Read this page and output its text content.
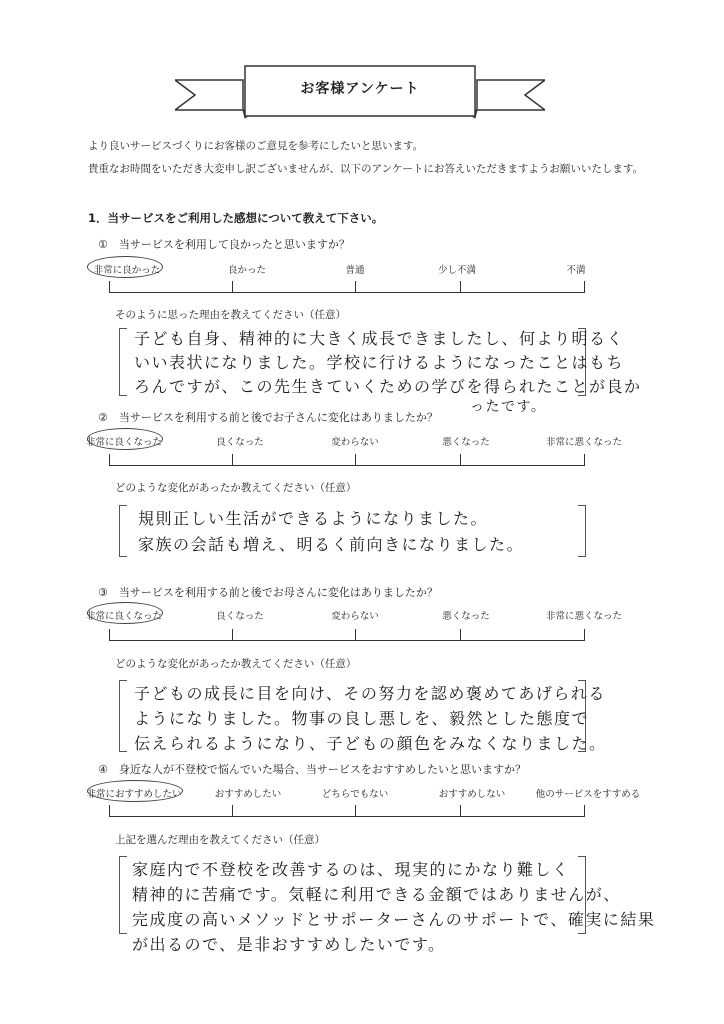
お客様アンケート
より良いサービスづくりにお客様のご意見を参考にしたいと思います。
貴重なお時間をいただき大変申し訳ございませんが、以下のアンケートにお答えいただきますようお願いいたします。
1．当サービスをご利用した感想について教えて下さい。
①　当サービスを利用して良かったと思いますか？
非常に良かった	良かった	普通	少し不満	不満
そのように思った理由を教えてください（任意）
子ども自身、精神的に大きく成長できましたし、何より明るく
いい表状になりました。学校に行けるようになったことはもち
ろんですが、この先生きていくための学びを得られたことが良か
ったです。
②　当サービスを利用する前と後でお子さんに変化はありましたか？
非常に良くなった	良くなった	変わらない	悪くなった	非常に悪くなった
どのような変化があったか教えてください（任意）
規則正しい生活ができるようになりました。
家族の会話も増え、明るく前向きになりました。
③　当サービスを利用する前と後でお母さんに変化はありましたか？
非常に良くなった	良くなった	変わらない	悪くなった	非常に悪くなった
どのような変化があったか教えてください（任意）
子どもの成長に目を向け、その努力を認め褒めてあげられる
ようになりました。物事の良し悪しを、毅然とした態度で
伝えられるようになり、子どもの顔色をみなくなりました。
④　身近な人が不登校で悩んでいた場合、当サービスをおすすめしたいと思いますか？
非常におすすめしたい	おすすめしたい	どちらでもない	おすすめしない	他のサービスをすすめる
上記を選んだ理由を教えてください（任意）
家庭内で不登校を改善するのは、現実的にかなり難しく
精神的に苦痛です。気軽に利用できる金額ではありませんが、
完成度の高いメソッドとサポーターさんのサポートで、確実に結果
が出るので、是非おすすめしたいです。
